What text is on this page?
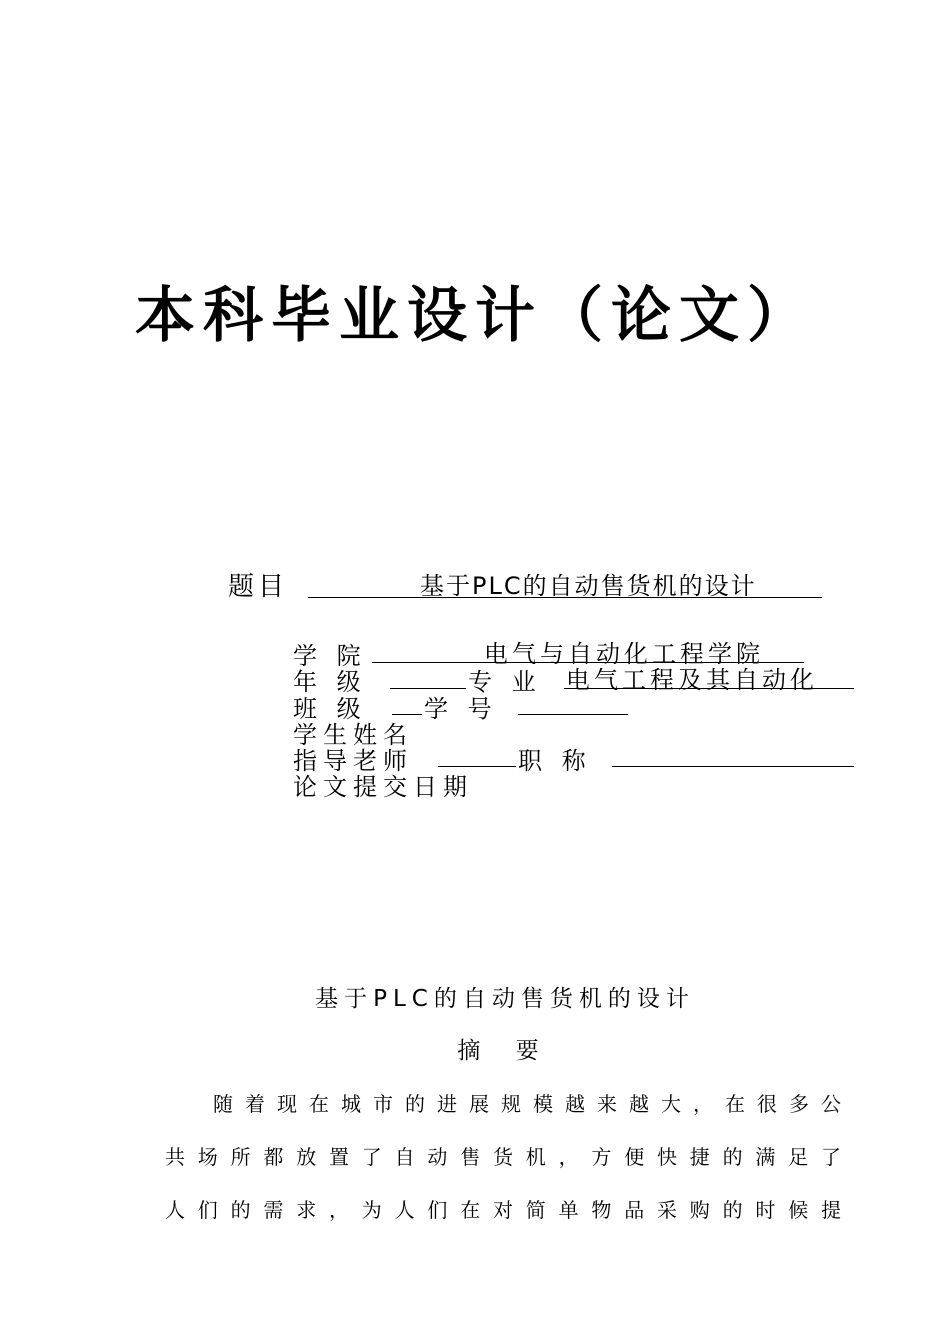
本科毕业设计（论文）
题目	基于PLC的自动售货机的设计
学 院	电气与自动化工程学院
年 级	专 业 电气工程及其自动化
班 级 学 号
学生姓名
指导老师	职 称
论文提交日期
基于PLC的自动售货机的设计
摘 要
随 着 现 在 城 市 的 进 展 规 模 越 来 越 大 ， 在 很 多 公
共 场 所 都 放 置 了 自 动 售 货 机 ， 方 便 快 捷 的 满 足 了
人 们 的 需 求 ， 为 人 们 在 对 简 单 物 品 采 购 的 时 候 提
